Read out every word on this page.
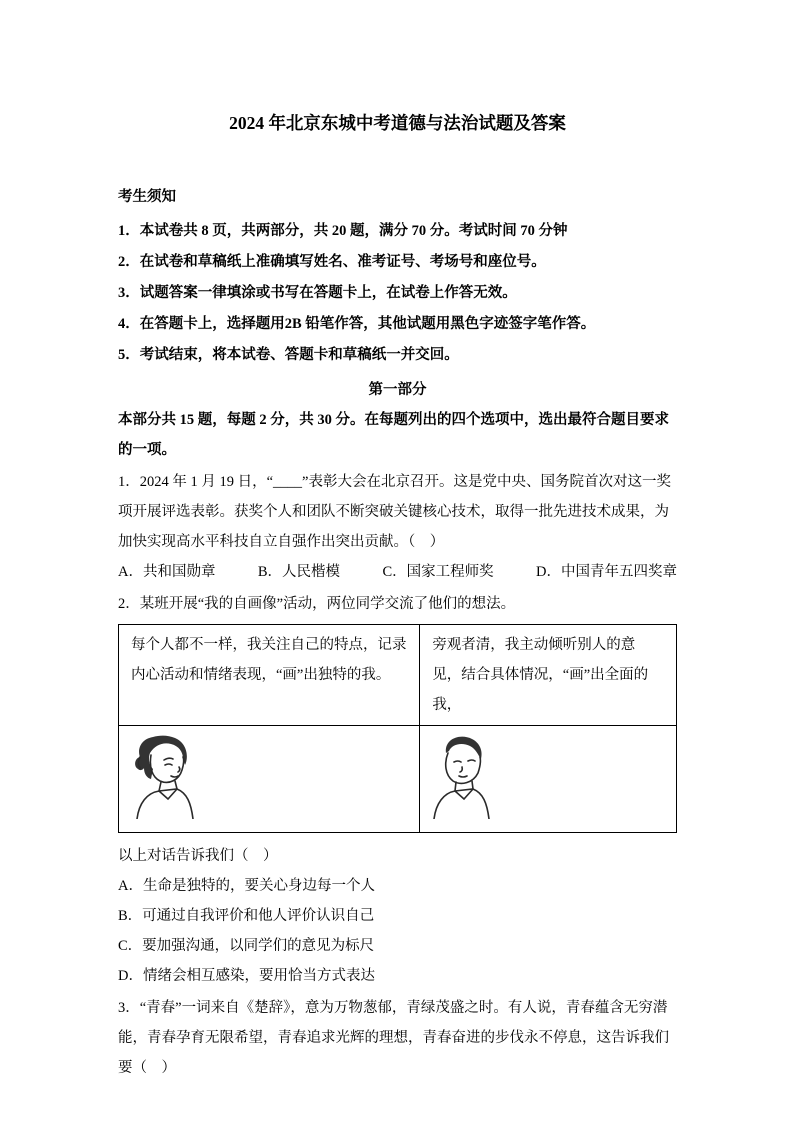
2024 年北京东城中考道德与法治试题及答案

考生须知

1．本试卷共 8 页，共两部分，共 20 题，满分 70 分。考试时间 70 分钟

2．在试卷和草稿纸上准确填写姓名、准考证号、考场号和座位号。

3．试题答案一律填涂或书写在答题卡上，在试卷上作答无效。

4．在答题卡上，选择题用2B 铅笔作答，其他试题用黑色字迹签字笔作答。

5．考试结束，将本试卷、答题卡和草稿纸一并交回。

第一部分

本部分共 15 题，每题 2 分，共 30 分。在每题列出的四个选项中，选出最符合题目要求的一项。

1．2024 年 1 月 19 日，“____”表彰大会在北京召开。这是党中央、国务院首次对这一奖项开展评选表彰。获奖个人和团队不断突破关键核心技术，取得一批先进技术成果，为加快实现高水平科技自立自强作出突出贡献。（　）

A．共和国勋章	B．人民楷模	C．国家工程师奖	D．中国青年五四奖章

2．某班开展“我的自画像”活动，两位同学交流了他们的想法。

每个人都不一样，我关注自己的特点，记录内心活动和情绪表现，“画”出独特的我。	旁观者清，我主动倾听别人的意见，结合具体情况，“画”出全面的我，

以上对话告诉我们（　）

A．生命是独特的，要关心身边每一个人

B．可通过自我评价和他人评价认识自己

C．要加强沟通，以同学们的意见为标尺

D．情绪会相互感染，要用恰当方式表达

3．“青春”一词来自《楚辞》，意为万物葱郁，青绿茂盛之时。有人说，青春蕴含无穷潜能，青春孕育无限希望，青春追求光辉的理想，青春奋进的步伐永不停息，这告诉我们要（　）
